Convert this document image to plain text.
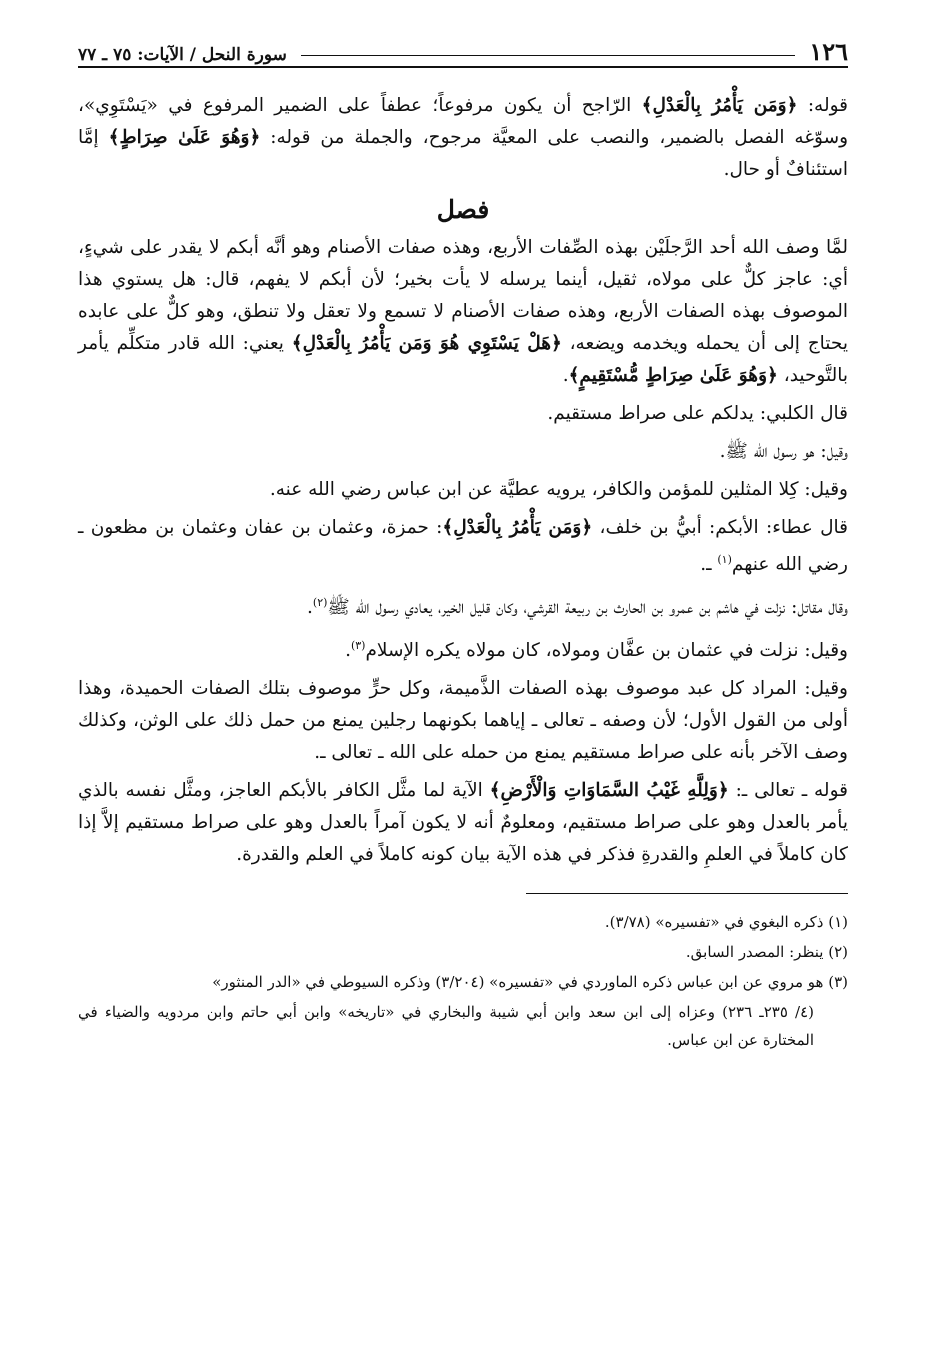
١٢٦
سورة النحل / الآيات: ٧٥ ـ ٧٧

قوله: ﴿وَمَن يَأْمُرُ بِالْعَدْلِ﴾ الرّاجح أن يكون مرفوعاً؛ عطفاً على الضمير المرفوع في «يَسْتَوِي»، وسوّغه الفصل بالضمير، والنصب على المعيَّة مرجوح، والجملة من قوله: ﴿وَهُوَ عَلَىٰ صِرَاطٍ﴾ إمَّا استئنافٌ أو حال.

فصل

لمَّا وصف الله أحد الرَّجلَيْن بهذه الصِّفات الأربع، وهذه صفات الأصنام وهو أنَّه أبكم لا يقدر على شيءٍ، أي: عاجز كلٌّ على مولاه، ثقيل، أينما يرسله لا يأت بخير؛ لأن أبكم لا يفهم، قال: هل يستوي هذا الموصوف بهذه الصفات الأربع، وهذه صفات الأصنام لا تسمع ولا تعقل ولا تنطق، وهو كلٌّ على عابده يحتاج إلى أن يحمله ويخدمه ويضعه، ﴿هَلْ يَسْتَوِي هُوَ وَمَن يَأْمُرُ بِالْعَدْلِ﴾ يعني: الله قادر متكلِّم يأمر بالتَّوحيد، ﴿وَهُوَ عَلَىٰ صِرَاطٍ مُّسْتَقِيمٍ﴾.

قال الكلبي: يدلكم على صراط مستقيم.

وقيل: هو رسول الله ﷺ.

وقيل: كِلا المثلين للمؤمن والكافر، يرويه عطيَّة عن ابن عباس رضي الله عنه.

قال عطاء: الأبكم: أبيُّ بن خلف، ﴿وَمَن يَأْمُرُ بِالْعَدْلِ﴾: حمزة، وعثمان بن عفان وعثمان بن مظعون ـ رضي الله عنهم$^{(١)}$ ـ.

وقال مقاتل: نزلت في هاشم بن عمرو بن الحارث بن ربيعة القرشي، وكان قليل الخير، يعادي رسول الله ﷺ$^{(٢)}$.

وقيل: نزلت في عثمان بن عفَّان ومولاه، كان مولاه يكره الإسلام$^{(٣)}$.

وقيل: المراد كل عبد موصوف بهذه الصفات الذَّميمة، وكل حرٍّ موصوف بتلك الصفات الحميدة، وهذا أولى من القول الأول؛ لأن وصفه ـ تعالى ـ إياهما بكونهما رجلين يمنع من حمل ذلك على الوثن، وكذلك وصف الآخر بأنه على صراط مستقيم يمنع من حمله على الله ـ تعالى ـ.

قوله ـ تعالى ـ: ﴿وَلِلَّهِ غَيْبُ السَّمَاوَاتِ وَالْأَرْضِ﴾ الآية لما مثَّل الكافر بالأبكم العاجز، ومثَّل نفسه بالذي يأمر بالعدل وهو على صراط مستقيم، ومعلومٌ أنه لا يكون آمراً بالعدل وهو على صراط مستقيم إلاَّ إذا كان كاملاً في العلمِ والقدرةِ فذكر في هذه الآية بيان كونه كاملاً في العلم والقدرة.

(١) ذكره البغوي في «تفسيره» (٣/٧٨).

(٢) ينظر: المصدر السابق.

(٣) هو مروي عن ابن عباس ذكره الماوردي في «تفسيره» (٣/٢٠٤) وذكره السيوطي في «الدر المنثور»

(٤/ ٢٣٥ـ ٢٣٦) وعزاه إلى ابن سعد وابن أبي شيبة والبخاري في «تاريخه» وابن أبي حاتم وابن مردويه والضياء في المختارة عن ابن عباس.
